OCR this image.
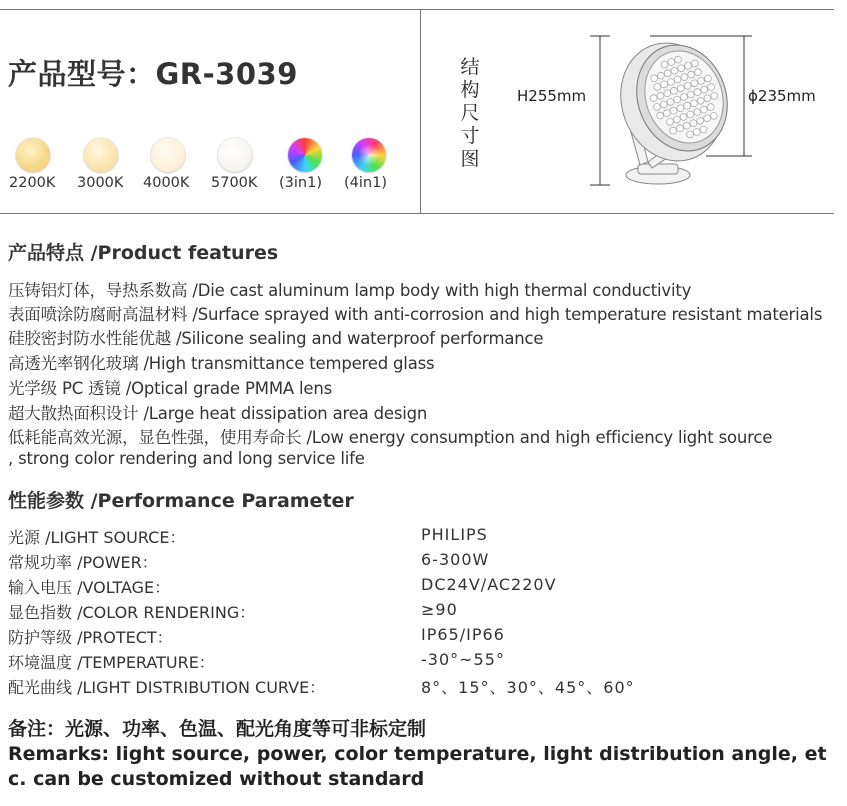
产品型号：GR-3039
2200K 3000K 4000K 5700K (3in1) (4in1)
结
构
尺
寸
图
H255mm	ϕ235mm
产品特点 /Product features
压铸铝灯体，导热系数高 /Die cast aluminum lamp body with high thermal conductivity
表面喷涂防腐耐高温材料 /Surface sprayed with anti-corrosion and high temperature resistant materials
硅胶密封防水性能优越 /Silicone sealing and waterproof performance
高透光率钢化玻璃 /High transmittance tempered glass
光学级 PC 透镜 /Optical grade PMMA lens
超大散热面积设计 /Large heat dissipation area design
低耗能高效光源，显色性强，使用寿命长 /Low energy consumption and high efficiency light source
, strong color rendering and long service life
性能参数 /Performance Parameter
光源 /LIGHT SOURCE：	PHILIPS
常规功率 /POWER：	6-300W
输入电压 /VOLTAGE：	DC24V/AC220V
显色指数 /COLOR RENDERING：	≥90
防护等级 /PROTECT：	IP65/IP66
环境温度 /TEMPERATURE：	-30°~55°
配光曲线 /LIGHT DISTRIBUTION CURVE：	8°、15°、30°、45°、60°
备注：光源、功率、色温、配光角度等可非标定制
Remarks: light source, power, color temperature, light distribution angle, etc. can be customized without standard
